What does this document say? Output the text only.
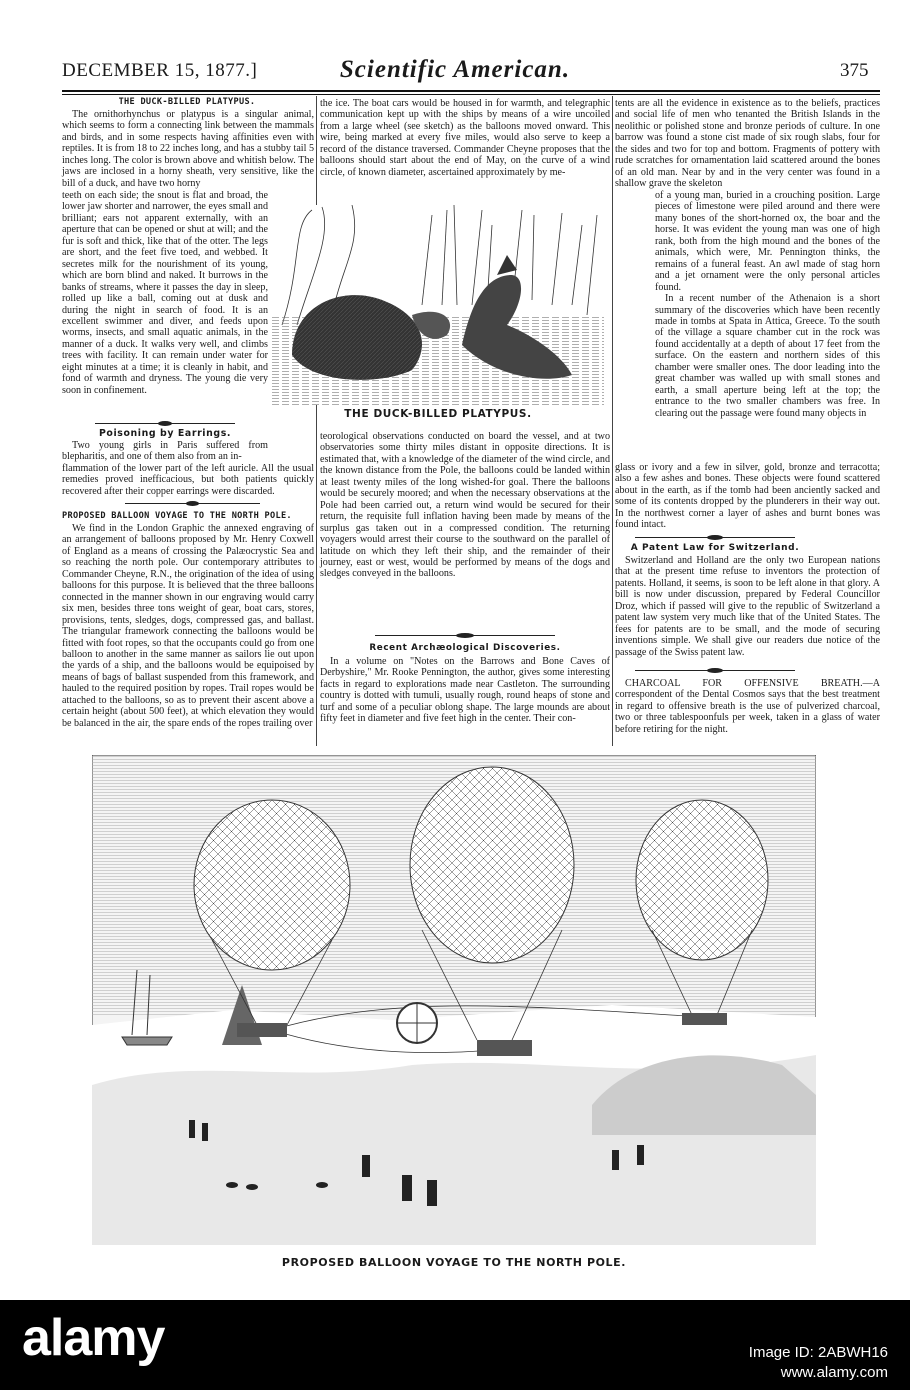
DECEMBER 15, 1877.]	Scientific American.	375
THE DUCK-BILLED PLATYPUS.

The ornithorhynchus or platypus is a singular animal, which seems to form a connecting link between the mammals and birds, and in some respects having affinities even with reptiles. It is from 18 to 22 inches long, and has a stubby tail 5 inches long. The color is brown above and whitish below. The jaws are inclosed in a horny sheath, very sensitive, like the bill of a duck, and have two horny

teeth on each side; the snout is flat and broad, the lower jaw shorter and narrower, the eyes small and brilliant; ears not apparent externally, with an aperture that can be opened or shut at will; and the fur is soft and thick, like that of the otter. The legs are short, and the feet five toed, and webbed. It secretes milk for the nourishment of its young, which are born blind and naked. It burrows in the banks of streams, where it passes the day in sleep, rolled up like a ball, coming out at dusk and during the night in search of food. It is an excellent swimmer and diver, and feeds upon worms, insects, and small aquatic animals, in the manner of a duck. It walks very well, and climbs trees with facility. It can remain under water for eight minutes at a time; it is cleanly in habit, and fond of warmth and dryness. The young die very soon in confinement.

Poisoning by Earrings.

Two young girls in Paris suffered from blepharitis, and one of them also from an in-

flammation of the lower part of the left auricle. All the usual remedies proved inefficacious, but both patients quickly recovered after their copper earrings were discarded.

PROPOSED BALLOON VOYAGE TO THE NORTH POLE.

We find in the London Graphic the annexed engraving of an arrangement of balloons proposed by Mr. Henry Coxwell of England as a means of crossing the Palæocrystic Sea and so reaching the north pole. Our contemporary attributes to Commander Cheyne, R.N., the origination of the idea of using balloons for this purpose. It is believed that the three balloons connected in the manner shown in our engraving would carry six men, besides three tons weight of gear, boat cars, stores, provisions, tents, sledges, dogs, compressed gas, and ballast. The triangular framework connecting the balloons would be fitted with foot ropes, so that the occupants could go from one balloon to another in the same manner as sailors lie out upon the yards of a ship, and the balloons would be equipoised by means of bags of ballast suspended from this framework, and hauled to the required position by ropes. Trail ropes would be attached to the balloons, so as to prevent their ascent above a certain height (about 500 feet), at which elevation they would be balanced in the air, the spare ends of the ropes trailing over

the ice. The boat cars would be housed in for warmth, and telegraphic communication kept up with the ships by means of a wire uncoiled from a large wheel (see sketch) as the balloons moved onward. This wire, being marked at every five miles, would also serve to keep a record of the distance traversed. Commander Cheyne proposes that the balloons should start about the end of May, on the curve of a wind circle, of known diameter, ascertained approximately by me-

THE DUCK-BILLED PLATYPUS.

teorological observations conducted on board the vessel, and at two observatories some thirty miles distant in opposite directions. It is estimated that, with a knowledge of the diameter of the wind circle, and the known distance from the Pole, the balloons could be landed within at least twenty miles of the long wished-for goal. There the balloons would be securely moored; and when the necessary observations at the Pole had been carried out, a return wind would be secured for their return, the requisite full inflation having been made by means of the surplus gas taken out in a compressed condition. The returning voyagers would arrest their course to the southward on the parallel of latitude on which they left their ship, and the remainder of their journey, east or west, would be performed by means of the dogs and sledges conveyed in the balloons.

Recent Archæological Discoveries.

In a volume on "Notes on the Barrows and Bone Caves of Derbyshire," Mr. Rooke Pennington, the author, gives some interesting facts in regard to explorations made near Castleton. The surrounding country is dotted with tumuli, usually rough, round heaps of stone and turf and some of a peculiar oblong shape. The large mounds are about fifty feet in diameter and five feet high in the center. Their con-

tents are all the evidence in existence as to the beliefs, practices and social life of men who tenanted the British Islands in the neolithic or polished stone and bronze periods of culture. In one barrow was found a stone cist made of six rough slabs, four for the sides and two for top and bottom. Fragments of pottery with rude scratches for ornamentation laid scattered around the bones of an old man. Near by and in the very center was found in a shallow grave the skeleton

of a young man, buried in a crouching position. Large pieces of limestone were piled around and there were many bones of the short-horned ox, the boar and the horse. It was evident the young man was one of high rank, both from the high mound and the bones of the animals, which were, Mr. Pennington thinks, the remains of a funeral feast. An awl made of stag horn and a jet ornament were the only personal articles found.

In a recent number of the Athenaion is a short summary of the discoveries which have been recently made in tombs at Spata in Attica, Greece. To the south of the village a square chamber cut in the rock was found accidentally at a depth of about 17 feet from the surface. On the eastern and northern sides of this chamber were smaller ones. The door leading into the great chamber was walled up with small stones and earth, a small aperture being left at the top; the entrance to the two smaller chambers was free. In clearing out the passage were found many objects in

glass or ivory and a few in silver, gold, bronze and terracotta; also a few ashes and bones. These objects were found scattered about in the earth, as if the tomb had been anciently sacked and some of its contents dropped by the plunderers in their way out. In the northwest corner a layer of ashes and burnt bones was found intact.

A Patent Law for Switzerland.

Switzerland and Holland are the only two European nations that at the present time refuse to inventors the protection of patents. Holland, it seems, is soon to be left alone in that glory. A bill is now under discussion, prepared by Federal Councillor Droz, which if passed will give to the republic of Switzerland a patent law system very much like that of the United States. The fees for patents are to be small, and the mode of securing inventions simple. We shall give our readers due notice of the passage of the Swiss patent law.

CHARCOAL FOR OFFENSIVE BREATH.—A correspondent of the Dental Cosmos says that the best treatment in regard to offensive breath is the use of pulverized charcoal, two or three tablespoonfuls per week, taken in a glass of water before retiring for the night.

PROPOSED BALLOON VOYAGE TO THE NORTH POLE.
alamy	Image ID: 2ABWH16
www.alamy.com
